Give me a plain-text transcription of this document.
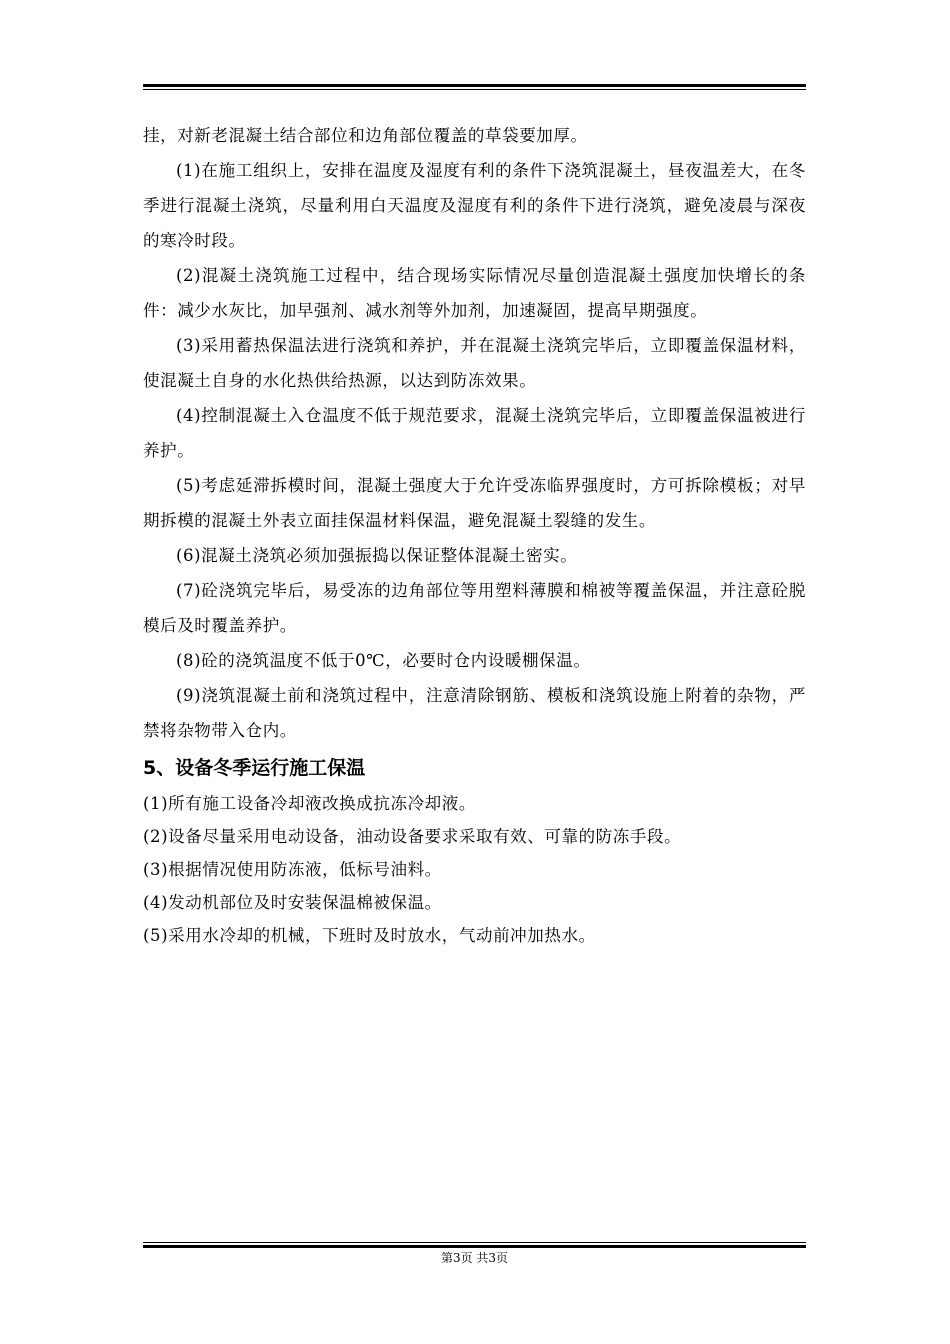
挂，对新老混凝土结合部位和边角部位覆盖的草袋要加厚。

(1)在施工组织上，安排在温度及湿度有利的条件下浇筑混凝土，昼夜温差大，在冬季进行混凝土浇筑，尽量利用白天温度及湿度有利的条件下进行浇筑，避免凌晨与深夜的寒冷时段。

(2)混凝土浇筑施工过程中，结合现场实际情况尽量创造混凝土强度加快增长的条件：减少水灰比，加早强剂、减水剂等外加剂，加速凝固，提高早期强度。

(3)采用蓄热保温法进行浇筑和养护，并在混凝土浇筑完毕后，立即覆盖保温材料，使混凝土自身的水化热供给热源，以达到防冻效果。

(4)控制混凝土入仓温度不低于规范要求，混凝土浇筑完毕后，立即覆盖保温被进行养护。

(5)考虑延滞拆模时间，混凝土强度大于允许受冻临界强度时，方可拆除模板；对早期拆模的混凝土外表立面挂保温材料保温，避免混凝土裂缝的发生。

(6)混凝土浇筑必须加强振捣以保证整体混凝土密实。

(7)砼浇筑完毕后，易受冻的边角部位等用塑料薄膜和棉被等覆盖保温，并注意砼脱模后及时覆盖养护。

(8)砼的浇筑温度不低于0℃，必要时仓内设暖棚保温。

(9)浇筑混凝土前和浇筑过程中，注意清除钢筋、模板和浇筑设施上附着的杂物，严禁将杂物带入仓内。

5、设备冬季运行施工保温

(1)所有施工设备冷却液改换成抗冻冷却液。

(2)设备尽量采用电动设备，油动设备要求采取有效、可靠的防冻手段。

(3)根据情况使用防冻液，低标号油料。

(4)发动机部位及时安装保温棉被保温。

(5)采用水冷却的机械，下班时及时放水，气动前冲加热水。

第3页 共3页
